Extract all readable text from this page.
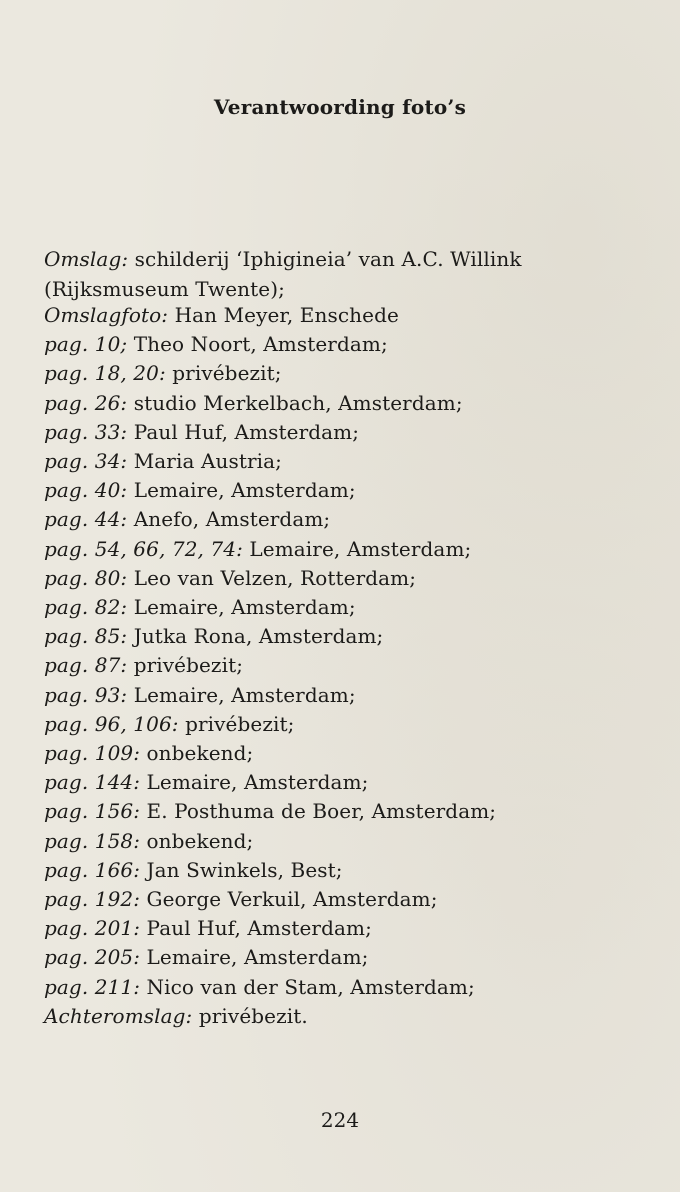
Verantwoording foto’s
Omslag: schilderij ‘Iphigineia’ van A.C. Willink (Rijksmuseum Twente);
Omslagfoto: Han Meyer, Enschede
pag. 10; Theo Noort, Amsterdam;
pag. 18, 20: privébezit;
pag. 26: studio Merkelbach, Amsterdam;
pag. 33: Paul Huf, Amsterdam;
pag. 34: Maria Austria;
pag. 40: Lemaire, Amsterdam;
pag. 44: Anefo, Amsterdam;
pag. 54, 66, 72, 74: Lemaire, Amsterdam;
pag. 80: Leo van Velzen, Rotterdam;
pag. 82: Lemaire, Amsterdam;
pag. 85: Jutka Rona, Amsterdam;
pag. 87: privébezit;
pag. 93: Lemaire, Amsterdam;
pag. 96, 106: privébezit;
pag. 109: onbekend;
pag. 144: Lemaire, Amsterdam;
pag. 156: E. Posthuma de Boer, Amsterdam;
pag. 158: onbekend;
pag. 166: Jan Swinkels, Best;
pag. 192: George Verkuil, Amsterdam;
pag. 201: Paul Huf, Amsterdam;
pag. 205: Lemaire, Amsterdam;
pag. 211: Nico van der Stam, Amsterdam;
Achteromslag: privébezit.
224
